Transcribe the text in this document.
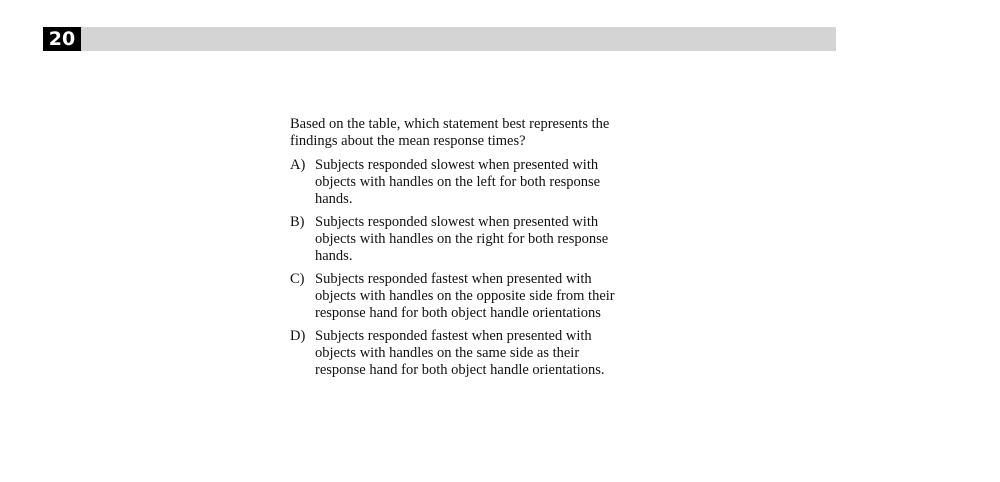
20

Based on the table, which statement best represents the findings about the mean response times?

A) Subjects responded slowest when presented with objects with handles on the left for both response hands.
B) Subjects responded slowest when presented with objects with handles on the right for both response hands.
C) Subjects responded fastest when presented with objects with handles on the opposite side from their response hand for both object handle orientations
D) Subjects responded fastest when presented with objects with handles on the same side as their response hand for both object handle orientations.
